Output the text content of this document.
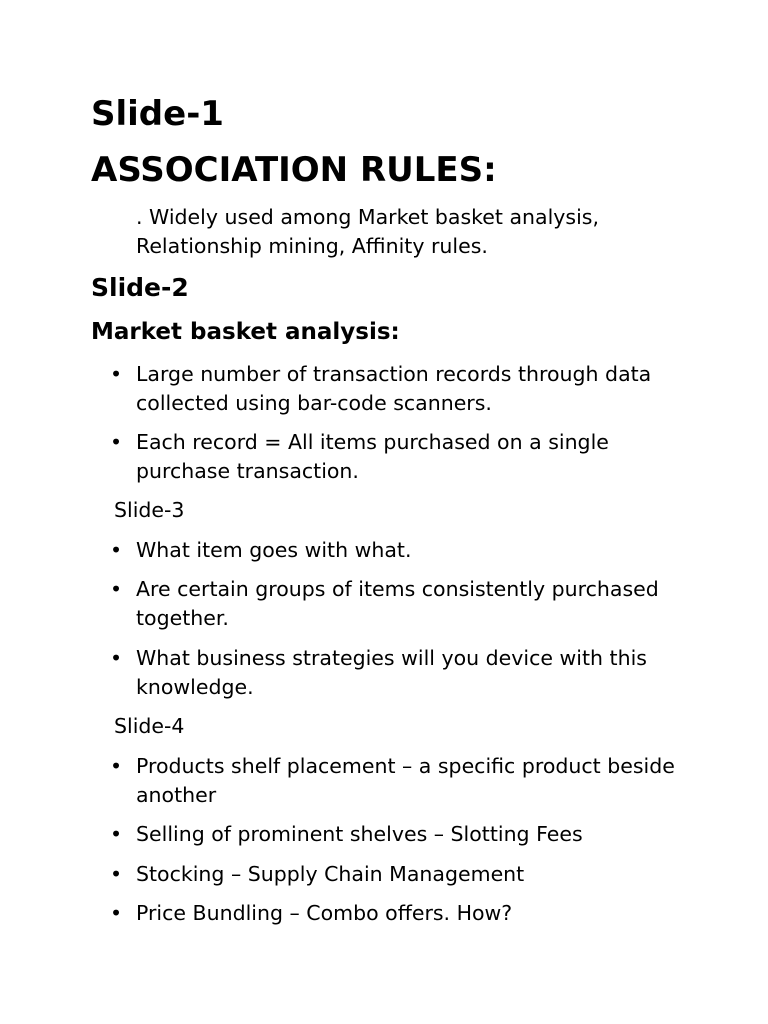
Slide-1
ASSOCIATION RULES:
. Widely used among Market basket analysis, Relationship mining, Affinity rules.
Slide-2
Market basket analysis:
• Large number of transaction records through data collected using bar-code scanners.
• Each record = All items purchased on a single purchase transaction.
Slide-3
• What item goes with what.
• Are certain groups of items consistently purchased together.
• What business strategies will you device with this knowledge.
Slide-4
• Products shelf placement – a specific product beside another
• Selling of prominent shelves – Slotting Fees
• Stocking – Supply Chain Management
• Price Bundling – Combo offers. How?
